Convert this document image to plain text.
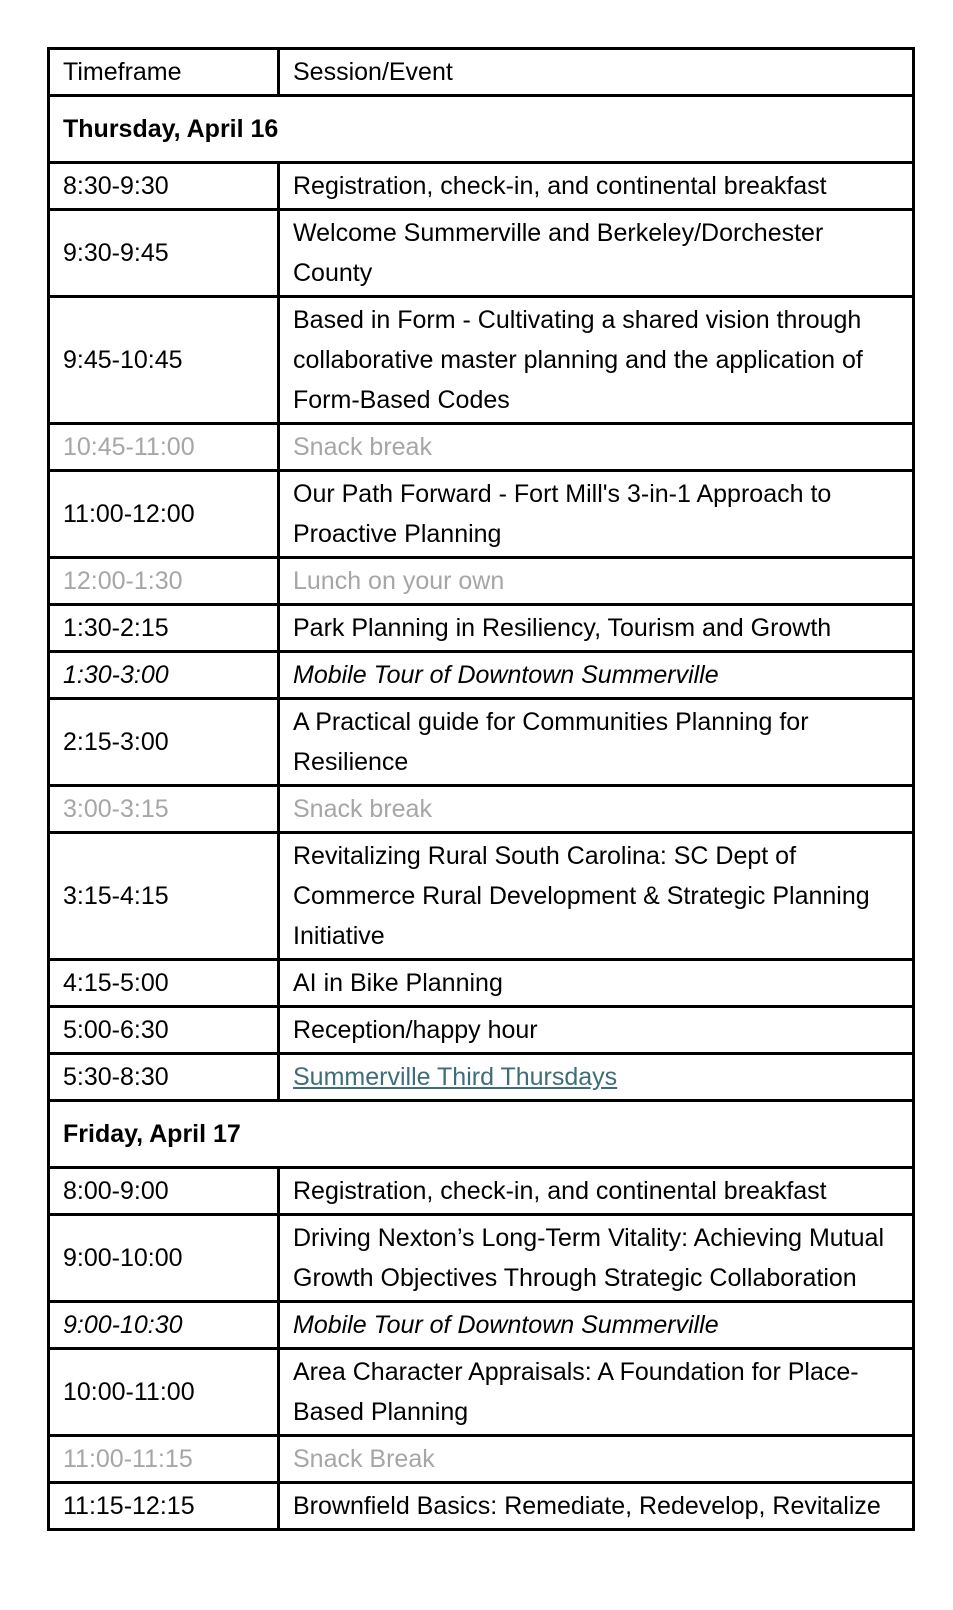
Timeframe	Session/Event
Thursday, April 16	
8:30-9:30	Registration, check-in, and continental breakfast
9:30-9:45	Welcome Summerville and Berkeley/Dorchester County
9:45-10:45	Based in Form - Cultivating a shared vision through collaborative master planning and the application of Form-Based Codes
10:45-11:00	Snack break
11:00-12:00	Our Path Forward - Fort Mill's 3-in-1 Approach to Proactive Planning
12:00-1:30	Lunch on your own
1:30-2:15	Park Planning in Resiliency, Tourism and Growth
1:30-3:00	Mobile Tour of Downtown Summerville
2:15-3:00	A Practical guide for Communities Planning for Resilience
3:00-3:15	Snack break
3:15-4:15	Revitalizing Rural South Carolina: SC Dept of Commerce Rural Development & Strategic Planning Initiative
4:15-5:00	AI in Bike Planning
5:00-6:30	Reception/happy hour
5:30-8:30	Summerville Third Thursdays
Friday, April 17	
8:00-9:00	Registration, check-in, and continental breakfast
9:00-10:00	Driving Nexton’s Long-Term Vitality: Achieving Mutual Growth Objectives Through Strategic Collaboration
9:00-10:30	Mobile Tour of Downtown Summerville
10:00-11:00	Area Character Appraisals: A Foundation for Place-Based Planning
11:00-11:15	Snack Break
11:15-12:15	Brownfield Basics: Remediate, Redevelop, Revitalize
